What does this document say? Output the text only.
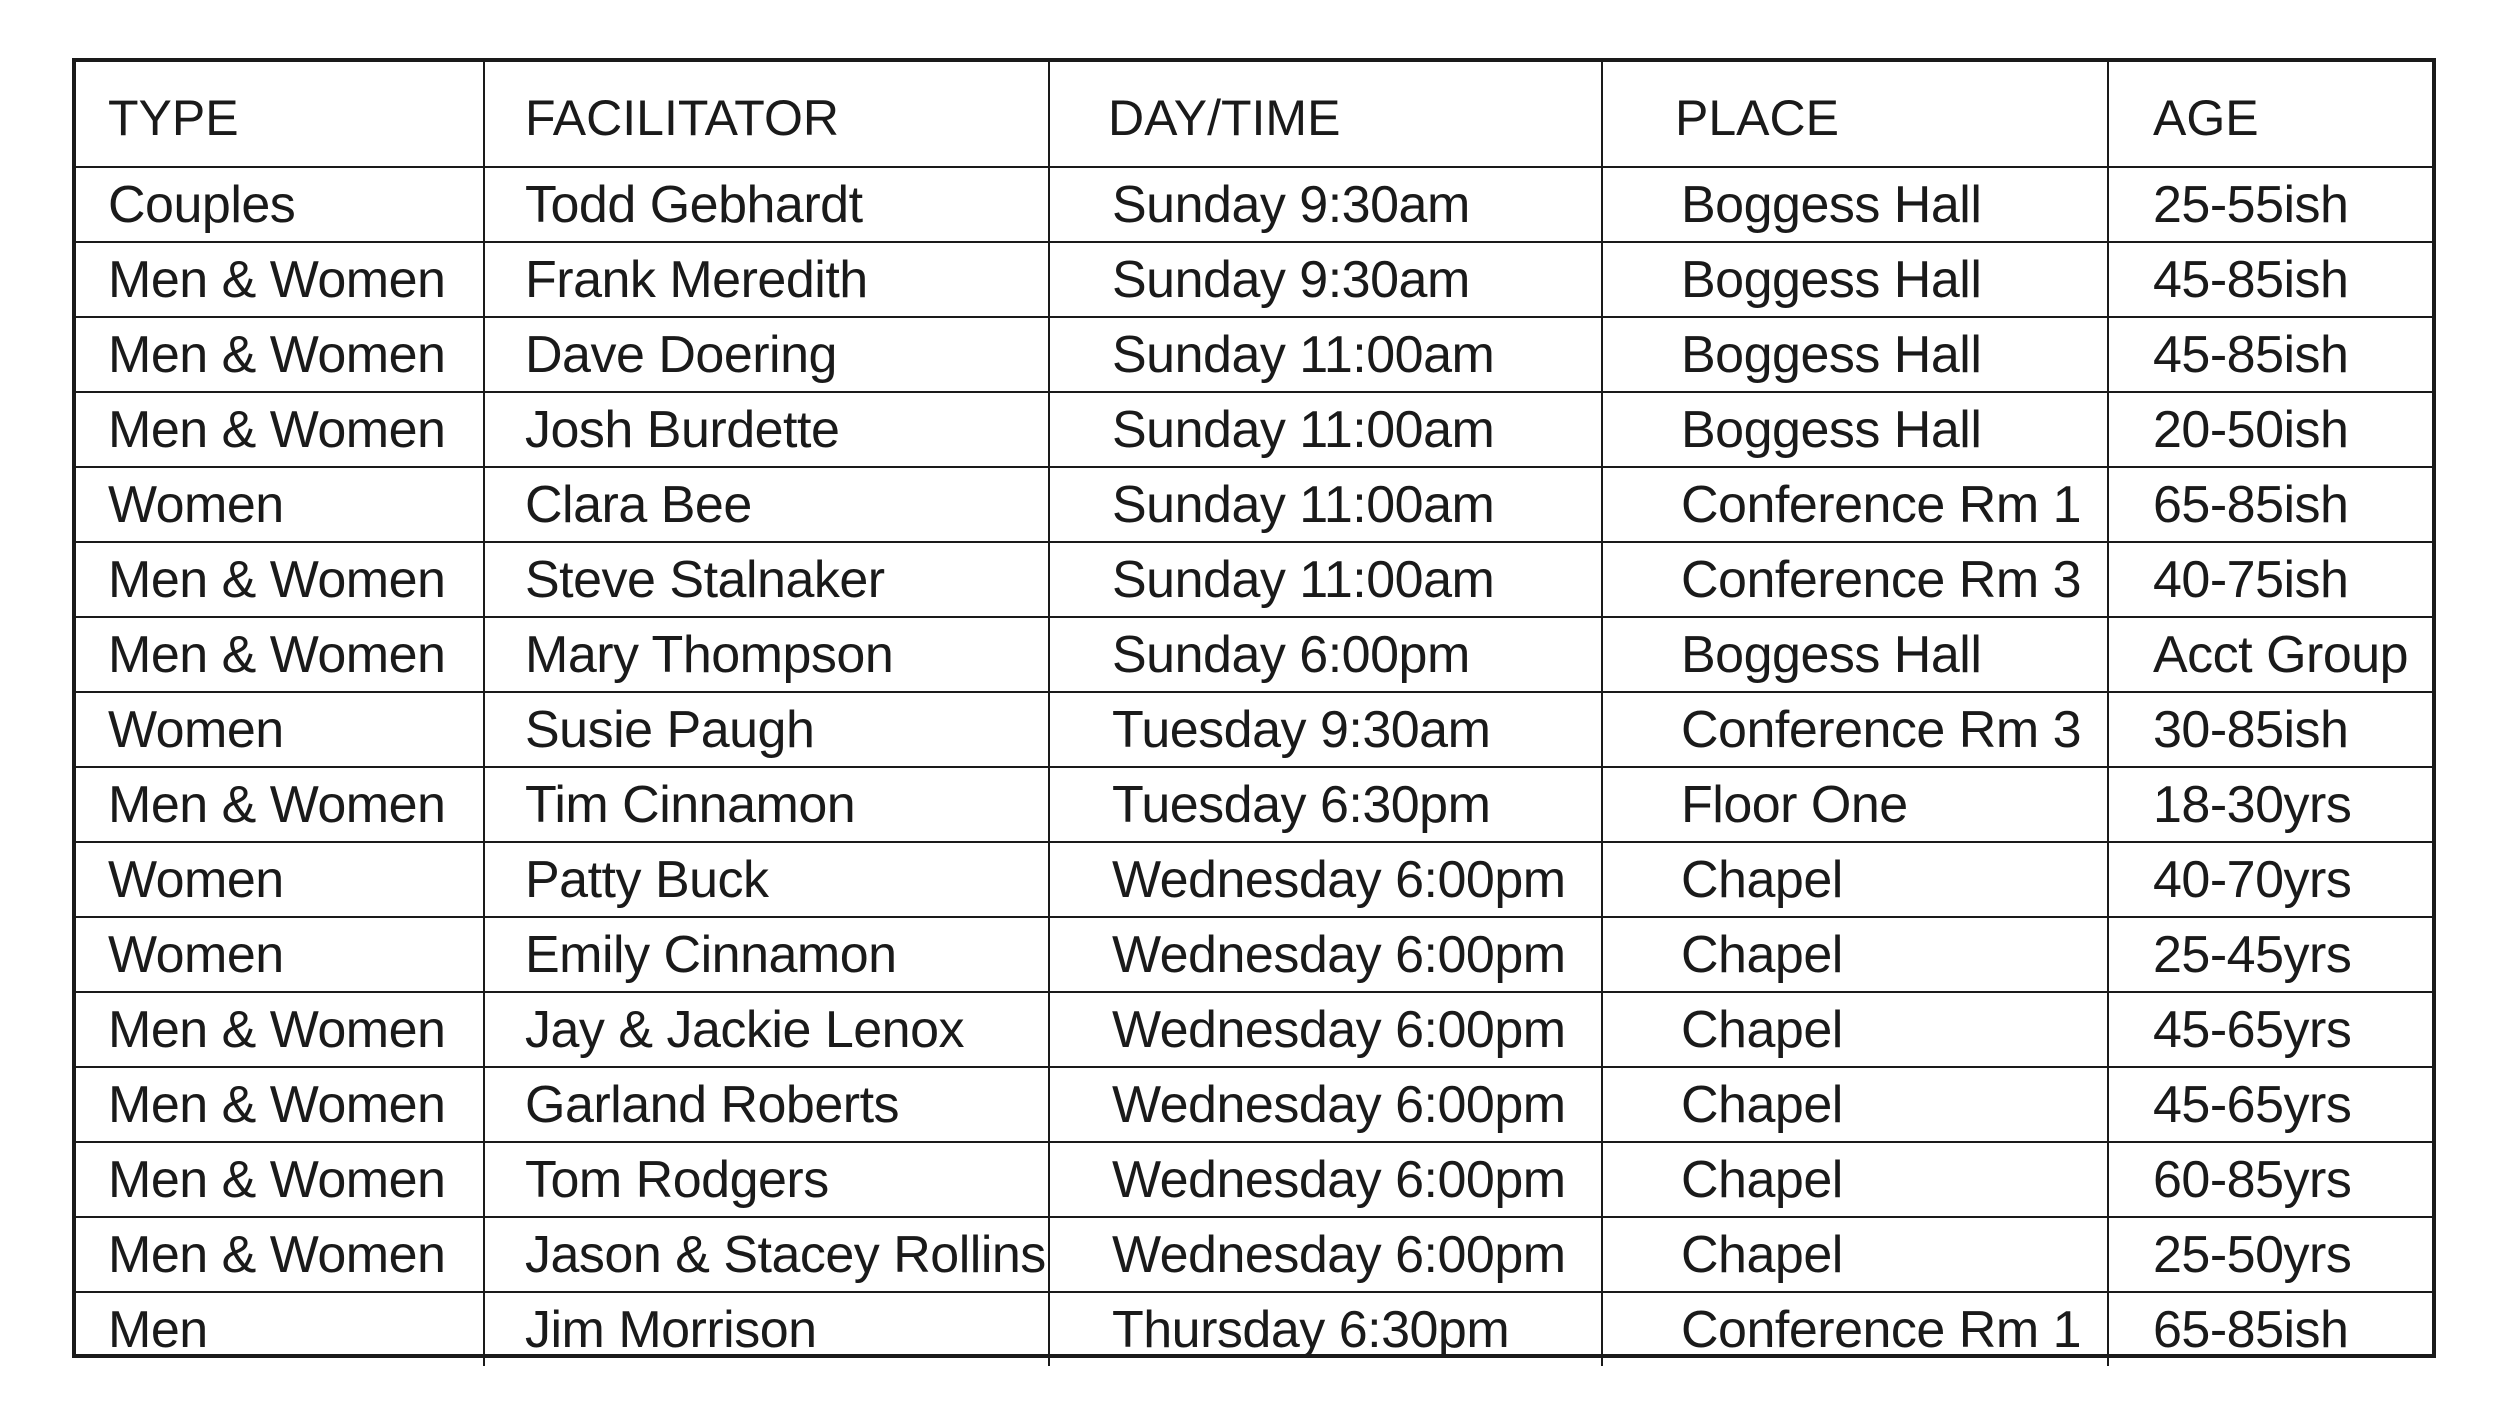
TYPE	FACILITATOR	DAY/TIME	PLACE	AGE
Couples	Todd Gebhardt	Sunday 9:30am	Boggess Hall	25-55ish
Men & Women	Frank Meredith	Sunday 9:30am	Boggess Hall	45-85ish
Men & Women	Dave Doering	Sunday 11:00am	Boggess Hall	45-85ish
Men & Women	Josh Burdette	Sunday 11:00am	Boggess Hall	20-50ish
Women	Clara Bee	Sunday 11:00am	Conference Rm 1	65-85ish
Men & Women	Steve Stalnaker	Sunday 11:00am	Conference Rm 3	40-75ish
Men & Women	Mary Thompson	Sunday 6:00pm	Boggess Hall	Acct Group
Women	Susie Paugh	Tuesday 9:30am	Conference Rm 3	30-85ish
Men & Women	Tim Cinnamon	Tuesday 6:30pm	Floor One	18-30yrs
Women	Patty Buck	Wednesday 6:00pm	Chapel	40-70yrs
Women	Emily Cinnamon	Wednesday 6:00pm	Chapel	25-45yrs
Men & Women	Jay & Jackie Lenox	Wednesday 6:00pm	Chapel	45-65yrs
Men & Women	Garland Roberts	Wednesday 6:00pm	Chapel	45-65yrs
Men & Women	Tom Rodgers	Wednesday 6:00pm	Chapel	60-85yrs
Men & Women	Jason & Stacey Rollins	Wednesday 6:00pm	Chapel	25-50yrs
Men	Jim Morrison	Thursday 6:30pm	Conference Rm 1	65-85ish
